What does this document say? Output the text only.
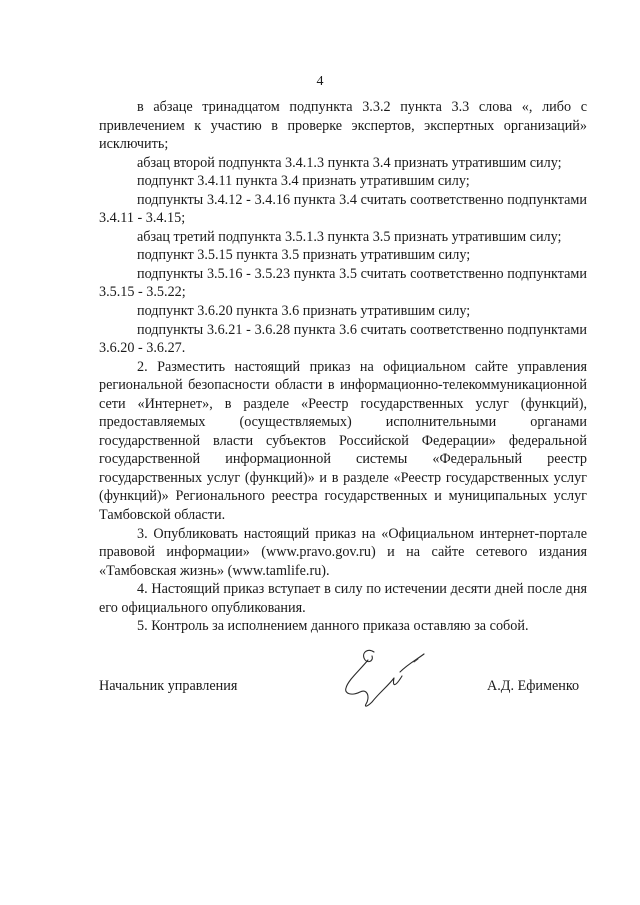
4
в абзаце тринадцатом подпункта 3.3.2 пункта 3.3 слова «, либо с привлечением к участию в проверке экспертов, экспертных организаций» исключить;
абзац второй подпункта 3.4.1.3 пункта 3.4 признать утратившим силу;
подпункт 3.4.11 пункта 3.4 признать утратившим силу;
подпункты 3.4.12 - 3.4.16 пункта 3.4 считать соответственно подпунктами 3.4.11 - 3.4.15;
абзац третий подпункта 3.5.1.3 пункта 3.5 признать утратившим силу;
подпункт 3.5.15 пункта 3.5 признать утратившим силу;
подпункты 3.5.16 - 3.5.23 пункта 3.5 считать соответственно подпунктами 3.5.15 - 3.5.22;
подпункт 3.6.20 пункта 3.6 признать утратившим силу;
подпункты 3.6.21 - 3.6.28 пункта 3.6 считать соответственно подпунктами 3.6.20 - 3.6.27.
2. Разместить настоящий приказ на официальном сайте управления региональной безопасности области в информационно-телекоммуникационной сети «Интернет», в разделе «Реестр государственных услуг (функций), предоставляемых (осуществляемых) исполнительными органами государственной власти субъектов Российской Федерации» федеральной государственной информационной системы «Федеральный реестр государственных услуг (функций)» и в разделе «Реестр государственных услуг (функций)» Регионального реестра государственных и муниципальных услуг Тамбовской области.
3. Опубликовать настоящий приказ на «Официальном интернет-портале правовой информации» (www.pravo.gov.ru) и на сайте сетевого издания «Тамбовская жизнь» (www.tamlife.ru).
4. Настоящий приказ вступает в силу по истечении десяти дней после дня его официального опубликования.
5. Контроль за исполнением данного приказа оставляю за собой.
Начальник управления	А.Д. Ефименко
